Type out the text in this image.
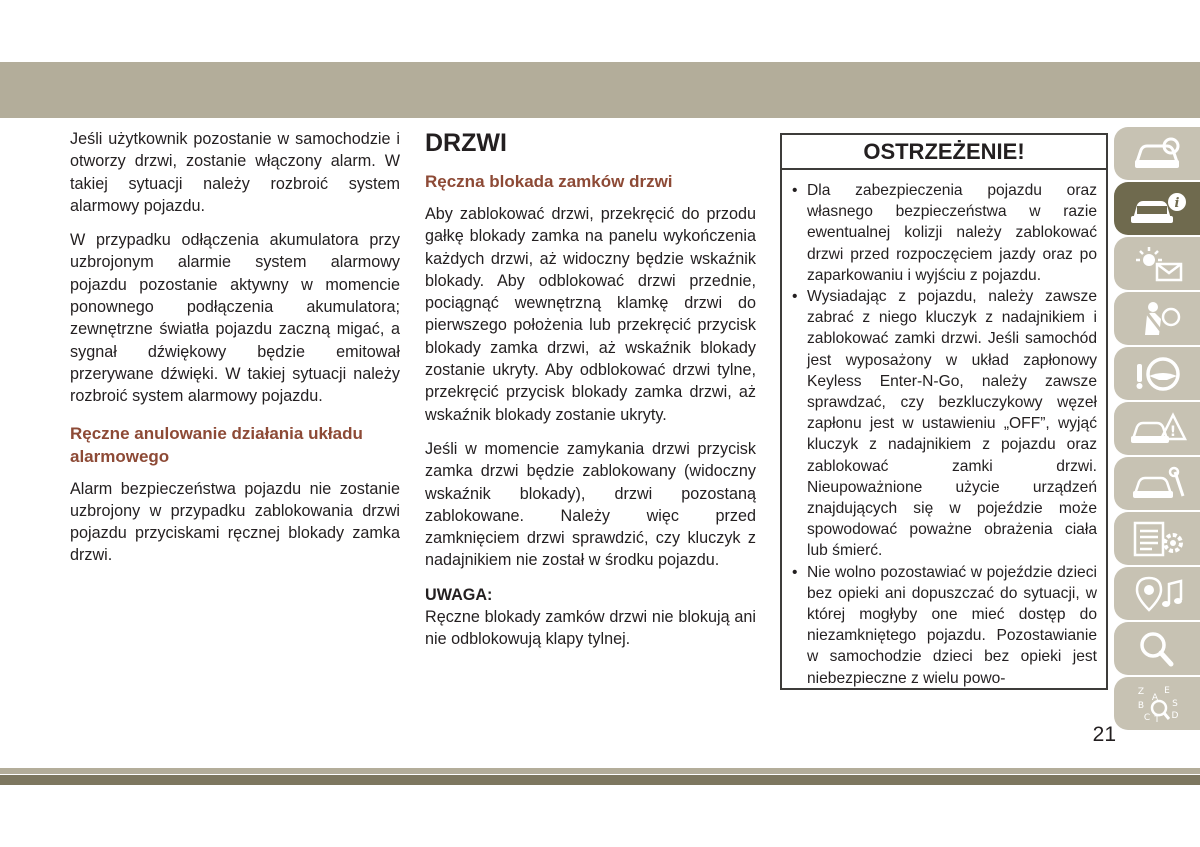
Jeśli użytkownik pozostanie w samochodzie i otworzy drzwi, zostanie włączony alarm. W takiej sytuacji należy rozbroić system alarmowy pojazdu.

W przypadku odłączenia akumulatora przy uzbrojonym alarmie system alarmowy pojazdu pozostanie aktywny w momencie ponownego podłączenia akumulatora; zewnętrzne światła pojazdu zaczną migać, a sygnał dźwiękowy będzie emitował przerywane dźwięki. W takiej sytuacji należy rozbroić system alarmowy pojazdu.

Ręczne anulowanie działania układu alarmowego

Alarm bezpieczeństwa pojazdu nie zostanie uzbrojony w przypadku zablokowania drzwi pojazdu przyciskami ręcznej blokady zamka drzwi.

DRZWI
Ręczna blokada zamków drzwi

Aby zablokować drzwi, przekręcić do przodu gałkę blokady zamka na panelu wykończenia każdych drzwi, aż widoczny będzie wskaźnik blokady. Aby odblokować drzwi przednie, pociągnąć wewnętrzną klamkę drzwi do pierwszego położenia lub przekręcić przycisk blokady zamka drzwi, aż wskaźnik blokady zostanie ukryty. Aby odblokować drzwi tylne, przekręcić przycisk blokady zamka drzwi, aż wskaźnik blokady zostanie ukryty.

Jeśli w momencie zamykania drzwi przycisk zamka drzwi będzie zablokowany (widoczny wskaźnik blokady), drzwi pozostaną zablokowane. Należy więc przed zamknięciem drzwi sprawdzić, czy kluczyk z nadajnikiem nie został w środku pojazdu.

UWAGA:

Ręczne blokady zamków drzwi nie blokują ani nie odblokowują klapy tylnej.

OSTRZEŻENIE!
• Dla zabezpieczenia pojazdu oraz własnego bezpieczeństwa w razie ewentualnej kolizji należy zablokować drzwi przed rozpoczęciem jazdy oraz po zaparkowaniu i wyjściu z pojazdu.
• Wysiadając z pojazdu, należy zawsze zabrać z niego kluczyk z nadajnikiem i zablokować zamki drzwi. Jeśli samochód jest wyposażony w układ zapłonowy Keyless Enter-N-Go, należy zawsze sprawdzać, czy bezkluczykowy węzeł zapłonu jest w ustawieniu „OFF”, wyjąć kluczyk z nadajnikiem z pojazdu oraz zablokować zamki drzwi. Nieupoważnione użycie urządzeń znajdujących się w pojeździe może spowodować poważne obrażenia ciała lub śmierć.
• Nie wolno pozostawiać w pojeździe dzieci bez opieki ani dopuszczać do sytuacji, w której mogłyby one mieć dostęp do niezamkniętego pojazdu. Pozostawianie w samochodzie dzieci bez opieki jest niebezpieczne z wielu powo-
i
!
Z E
B
C T
S
A
D
21
